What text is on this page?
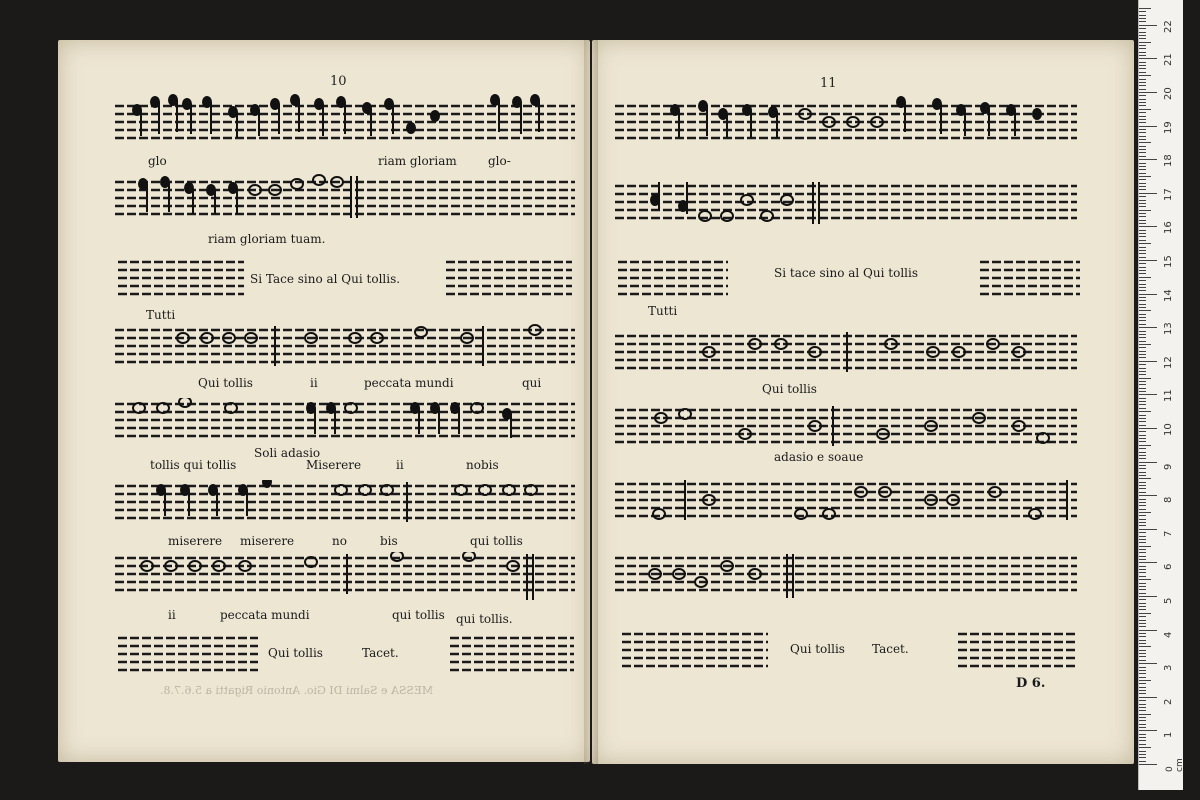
10	11
glo	riam gloriam	glo-
riam gloriam tuam.
Si Tace sino al Qui tollis.
Tutti
Qui tollis	ii	peccata mundi	qui
Soli adasio
tollis qui tollis	Miserere	ii	nobis
miserere miserere	no	bis	qui tollis
ii	peccata mundi	qui tollis qui tollis.
Qui tollis	Tacet.
MESSA e Salmi DI Gio. Antonio Rigatti a 5.6.7.8.
Si tace sino al Qui tollis
Tutti
Qui tollis
adasio e soaue
Qui tollis Tacet.
D 6.
1
2
3
4
5
6
7
8
9
10
11
12
13
14
15
16
17
18
19
20
21
22
0 cm
